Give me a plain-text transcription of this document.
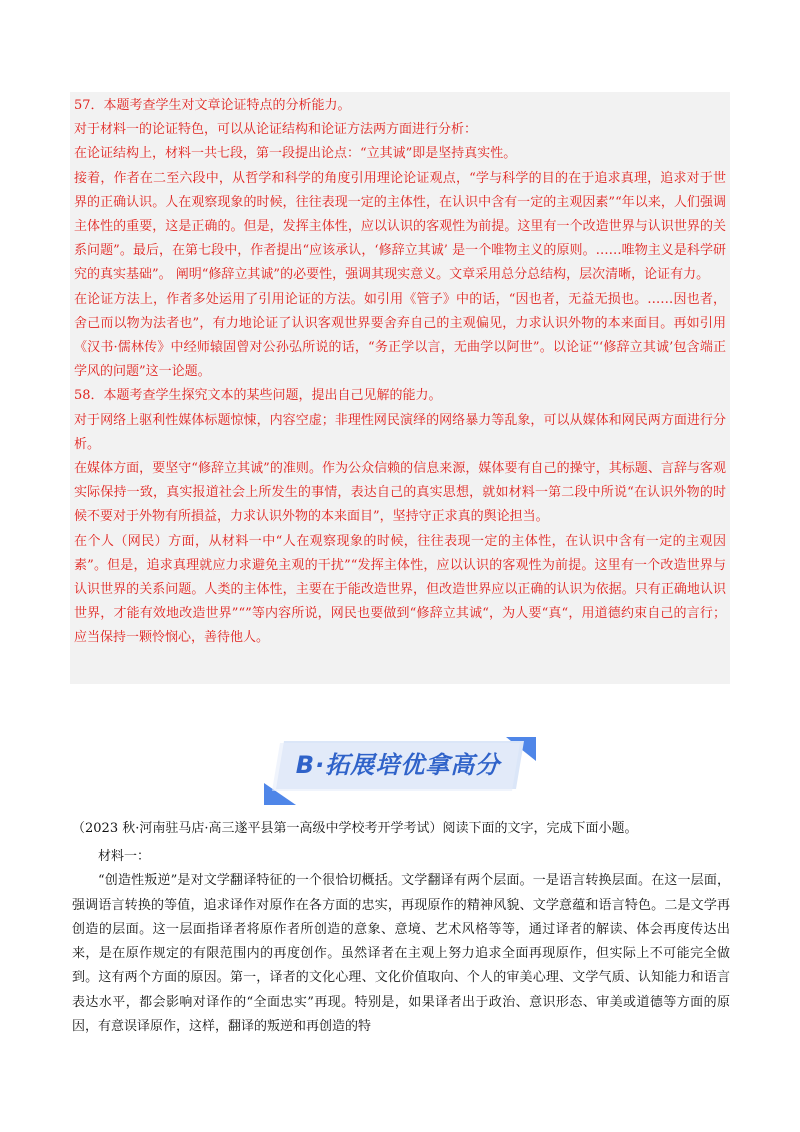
57．本题考查学生对文章论证特点的分析能力。

对于材料一的论证特色，可以从论证结构和论证方法两方面进行分析：

在论证结构上，材料一共七段，第一段提出论点：“立其诚”即是坚持真实性。

接着，作者在二至六段中，从哲学和科学的角度引用理论论证观点，“学与科学的目的在于追求真理，追求对于世界的正确认识。人在观察现象的时候，往往表现一定的主体性，在认识中含有一定的主观因素”“年以来，人们强调主体性的重要，这是正确的。但是，发挥主体性，应以认识的客观性为前提。这里有一个改造世界与认识世界的关系问题”。最后，在第七段中，作者提出“应该承认，‘修辞立其诚’ 是一个唯物主义的原则。……唯物主义是科学研究的真实基础”。 阐明“修辞立其诚”的必要性，强调其现实意义。文章采用总分总结构，层次清晰，论证有力。

在论证方法上，作者多处运用了引用论证的方法。如引用《管子》中的话，“因也者，无益无损也。……因也者，舍己而以物为法者也”，有力地论证了认识客观世界要舍弃自己的主观偏见，力求认识外物的本来面目。再如引用《汉书·儒林传》中经师辕固曾对公孙弘所说的话，“务正学以言，无曲学以阿世”。以论证“‘修辞立其诚’包含端正学风的问题”这一论题。

58．本题考查学生探究文本的某些问题，提出自己见解的能力。

对于网络上驱利性媒体标题惊悚，内容空虚；非理性网民演绎的网络暴力等乱象，可以从媒体和网民两方面进行分析。

在媒体方面，要坚守“修辞立其诚”的准则。作为公众信赖的信息来源，媒体要有自己的操守，其标题、言辞与客观实际保持一致，真实报道社会上所发生的事情，表达自己的真实思想，就如材料一第二段中所说“在认识外物的时候不要对于外物有所損益，力求认识外物的本来面目”，坚持守正求真的舆论担当。

在个人（网民）方面，从材料一中“人在观察现象的时候，往往表现一定的主体性，在认识中含有一定的主观因素”。但是，追求真理就应力求避免主观的干扰”“发挥主体性，应以认识的客观性为前提。这里有一个改造世界与认识世界的关系问题。人类的主体性，主要在于能改造世界，但改造世界应以正确的认识为依据。只有正确地认识世界，才能有效地改造世界”“”等内容所说，网民也要做到“修辞立其诚“，为人要“真“，用道德约束自己的言行；应当保持一颗怜悯心，善待他人。

B·拓展培优拿高分
（2023 秋·河南驻马店·高三遂平县第一高级中学校考开学考试）阅读下面的文字，完成下面小题。

材料一：

“创造性叛逆”是对文学翻译特征的一个很恰切概括。文学翻译有两个层面。一是语言转换层面。在这一层面，强调语言转换的等值，追求译作对原作在各方面的忠实，再现原作的精神风貌、文学意蕴和语言特色。二是文学再创造的层面。这一层面指译者将原作者所创造的意象、意境、艺术风格等等，通过译者的解读、体会再度传达出来，是在原作规定的有限范围内的再度创作。虽然译者在主观上努力追求全面再现原作，但实际上不可能完全做到。这有两个方面的原因。第一，译者的文化心理、文化价值取向、个人的审美心理、文学气质、认知能力和语言表达水平，都会影响对译作的“全面忠实”再现。特别是，如果译者出于政治、意识形态、审美或道德等方面的原因，有意误译原作，这样，翻译的叛逆和再创造的特
